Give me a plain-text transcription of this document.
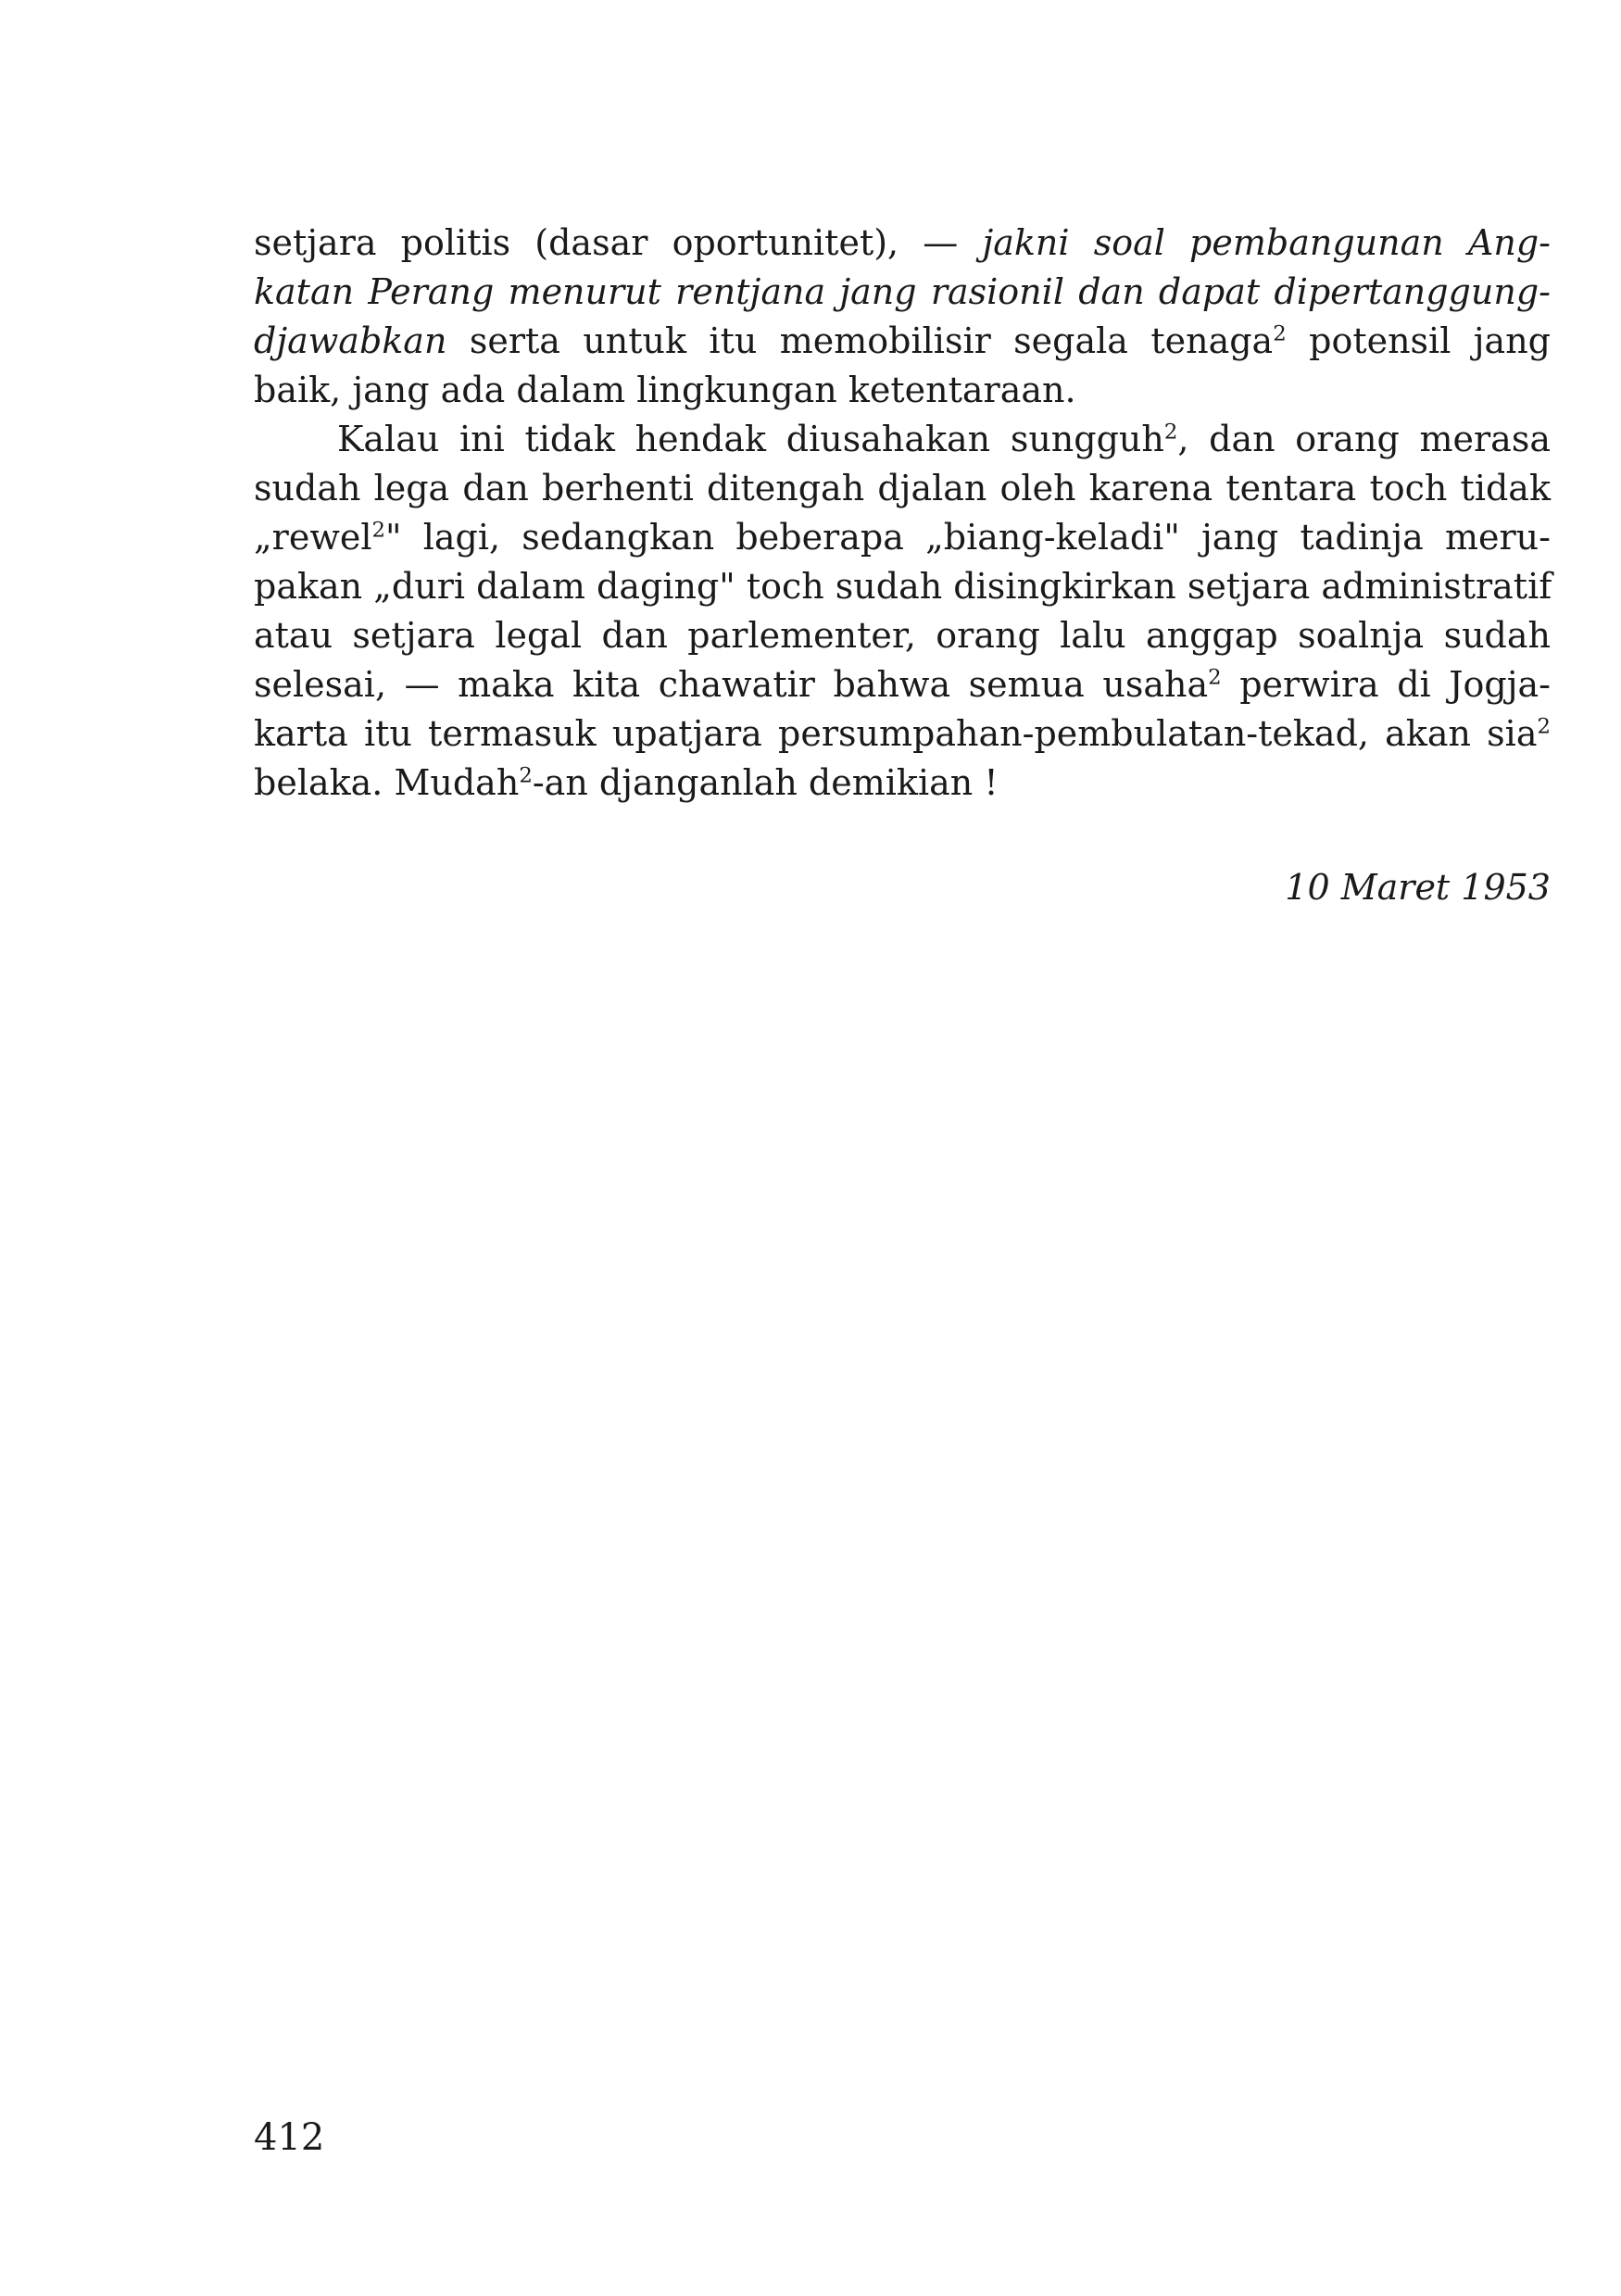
setjara politis (dasar oportunitet), — jakni soal pembangunan Ang-
katan Perang menurut rentjana jang rasionil dan dapat dipertanggung-
djawabkan serta untuk itu memobilisir segala tenaga$^2$ potensil jang
baik, jang ada dalam lingkungan ketentaraan.
Kalau ini tidak hendak diusahakan sungguh$^2$, dan orang merasa
sudah lega dan berhenti ditengah djalan oleh karena tentara toch tidak
„rewel$^2$" lagi, sedangkan beberapa „biang-keladi" jang tadinja meru-
pakan „duri dalam daging" toch sudah disingkirkan setjara administratif
atau setjara legal dan parlementer, orang lalu anggap soalnja sudah
selesai, — maka kita chawatir bahwa semua usaha$^2$ perwira di Jogja-
karta itu termasuk upatjara persumpahan-pembulatan-tekad, akan sia$^2$
belaka. Mudah$^2$-an djanganlah demikian !
10 Maret 1953
412
